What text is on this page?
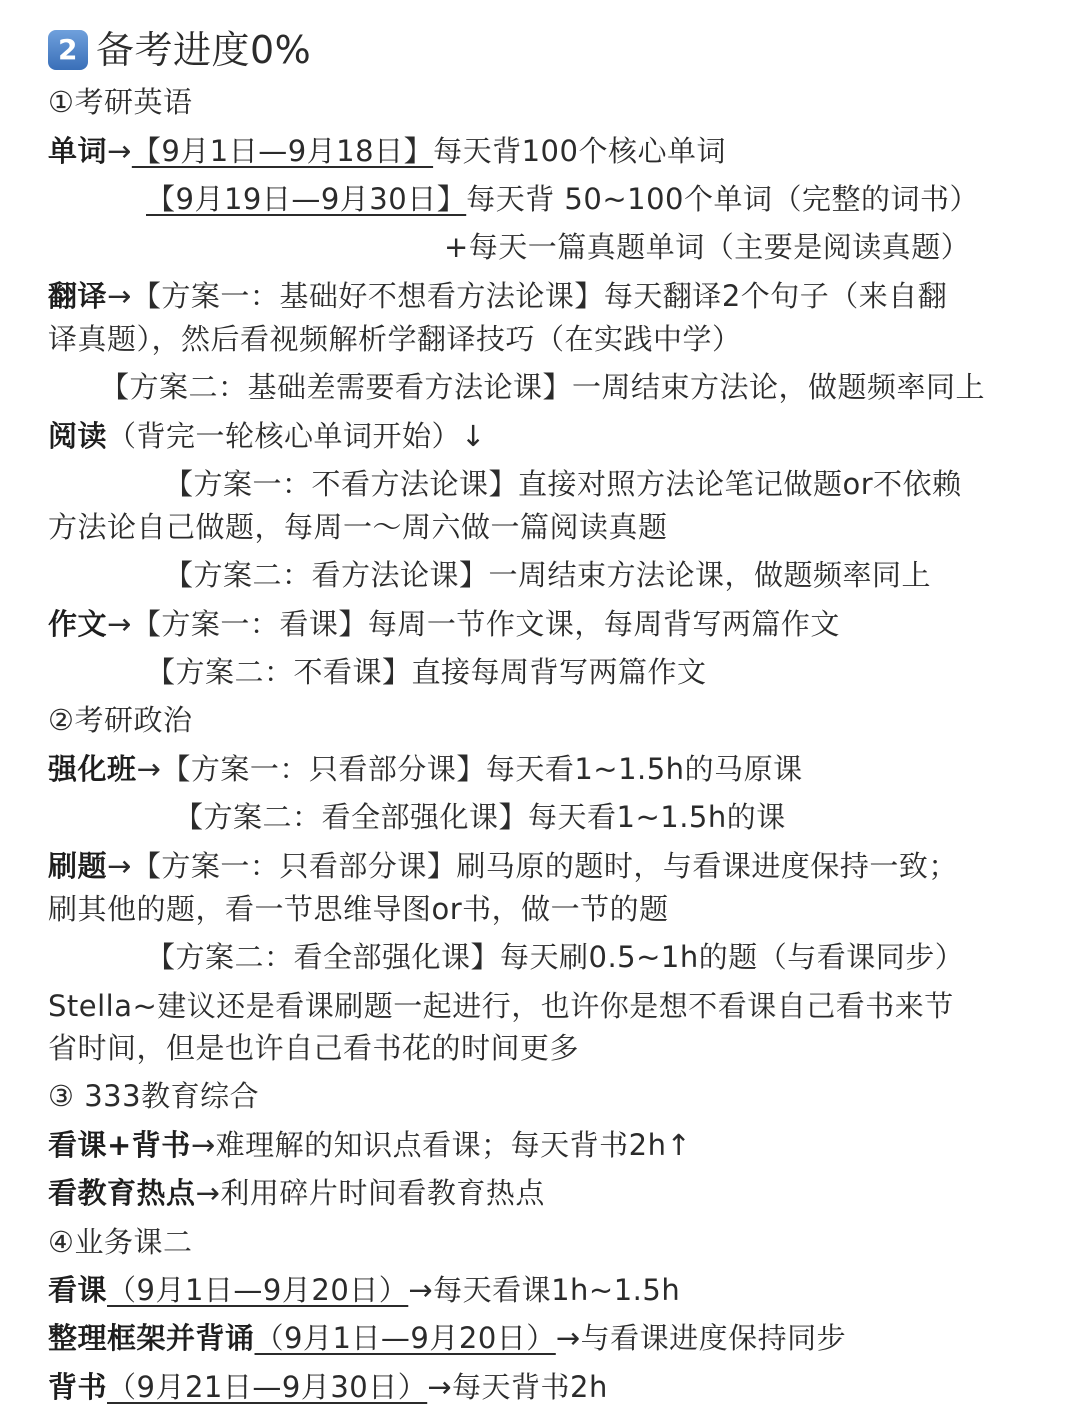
2 备考进度0%
①考研英语
单词→【9月1日—9月18日】每天背100个核心单词
【9月19日—9月30日】每天背 50~100个单词（完整的词书）
+每天一篇真题单词（主要是阅读真题）
翻译→【方案一：基础好不想看方法论课】每天翻译2个句子（来自翻
译真题），然后看视频解析学翻译技巧（在实践中学）
【方案二：基础差需要看方法论课】一周结束方法论，做题频率同上
阅读（背完一轮核心单词开始）↓
【方案一：不看方法论课】直接对照方法论笔记做题or不依赖
方法论自己做题，每周一～周六做一篇阅读真题
【方案二：看方法论课】一周结束方法论课，做题频率同上
作文→【方案一：看课】每周一节作文课，每周背写两篇作文
【方案二：不看课】直接每周背写两篇作文
②考研政治
强化班→【方案一：只看部分课】每天看1~1.5h的马原课
【方案二：看全部强化课】每天看1~1.5h的课
刷题→【方案一：只看部分课】刷马原的题时，与看课进度保持一致；
刷其他的题，看一节思维导图or书，做一节的题
【方案二：看全部强化课】每天刷0.5~1h的题（与看课同步）
Stella~建议还是看课刷题一起进行，也许你是想不看课自己看书来节
省时间，但是也许自己看书花的时间更多
③ 333教育综合
看课+背书→难理解的知识点看课；每天背书2h↑
看教育热点→利用碎片时间看教育热点
④业务课二
看课（9月1日—9月20日）→每天看课1h~1.5h
整理框架并背诵（9月1日—9月20日）→与看课进度保持同步
背书（9月21日—9月30日）→每天背书2h
